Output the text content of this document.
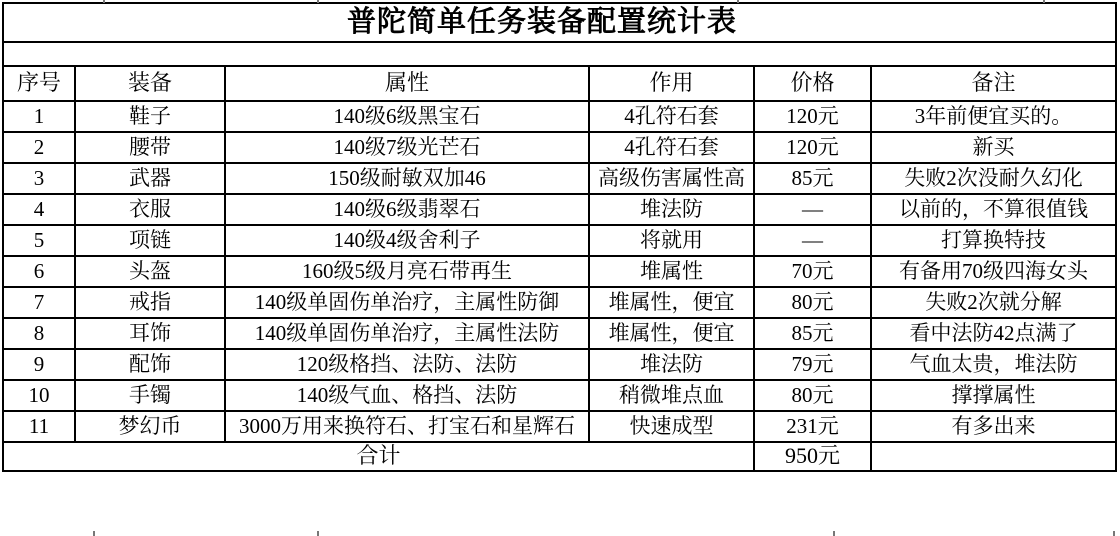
普陀简单任务装备配置统计表					

序号	装备	属性	作用	价格	备注
1	鞋子	140级6级黑宝石	4孔符石套	120元	3年前便宜买的。
2	腰带	140级7级光芒石	4孔符石套	120元	新买
3	武器	150级耐敏双加46	高级伤害属性高	85元	失败2次没耐久幻化
4	衣服	140级6级翡翠石	堆法防	—	以前的，不算很值钱
5	项链	140级4级舍利子	将就用	—	打算换特技
6	头盔	160级5级月亮石带再生	堆属性	70元	有备用70级四海女头
7	戒指	140级单固伤单治疗，主属性防御	堆属性，便宜	80元	失败2次就分解
8	耳饰	140级单固伤单治疗，主属性法防	堆属性，便宜	85元	看中法防42点满了
9	配饰	120级格挡、法防、法防	堆法防	79元	气血太贵，堆法防
10	手镯	140级气血、格挡、法防	稍微堆点血	80元	撑撑属性
11	梦幻币	3000万用来换符石、打宝石和星辉石	快速成型	231元	有多出来
合计				950元	
